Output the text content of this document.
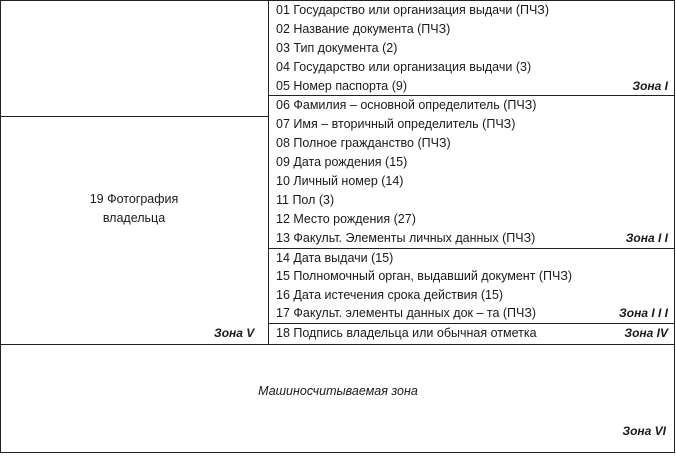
01 Государство или организация выдачи (ПЧЗ)
02 Название документа (ПЧЗ)
03 Тип документа (2)
04 Государство или организация выдачи (3)
05 Номер паспорта (9)	Зона I
06 Фамилия – основной определитель (ПЧЗ)
07 Имя – вторичный определитель (ПЧЗ)
08 Полное гражданство (ПЧЗ)
09 Дата рождения (15)
10 Личный номер (14)
11 Пол (3)
12 Место рождения (27)
13 Факульт. Элементы личных данных (ПЧЗ)	Зона I I
14 Дата выдачи (15)
15 Полномочный орган, выдавший документ (ПЧЗ)
16 Дата истечения срока действия (15)
17 Факульт. элементы данных док – та (ПЧЗ)	Зона I I I
18 Подпись владельца или обычная отметка	Зона IV
19 Фотография
владельца
Зона V
Машиносчитываемая зона
Зона VI
